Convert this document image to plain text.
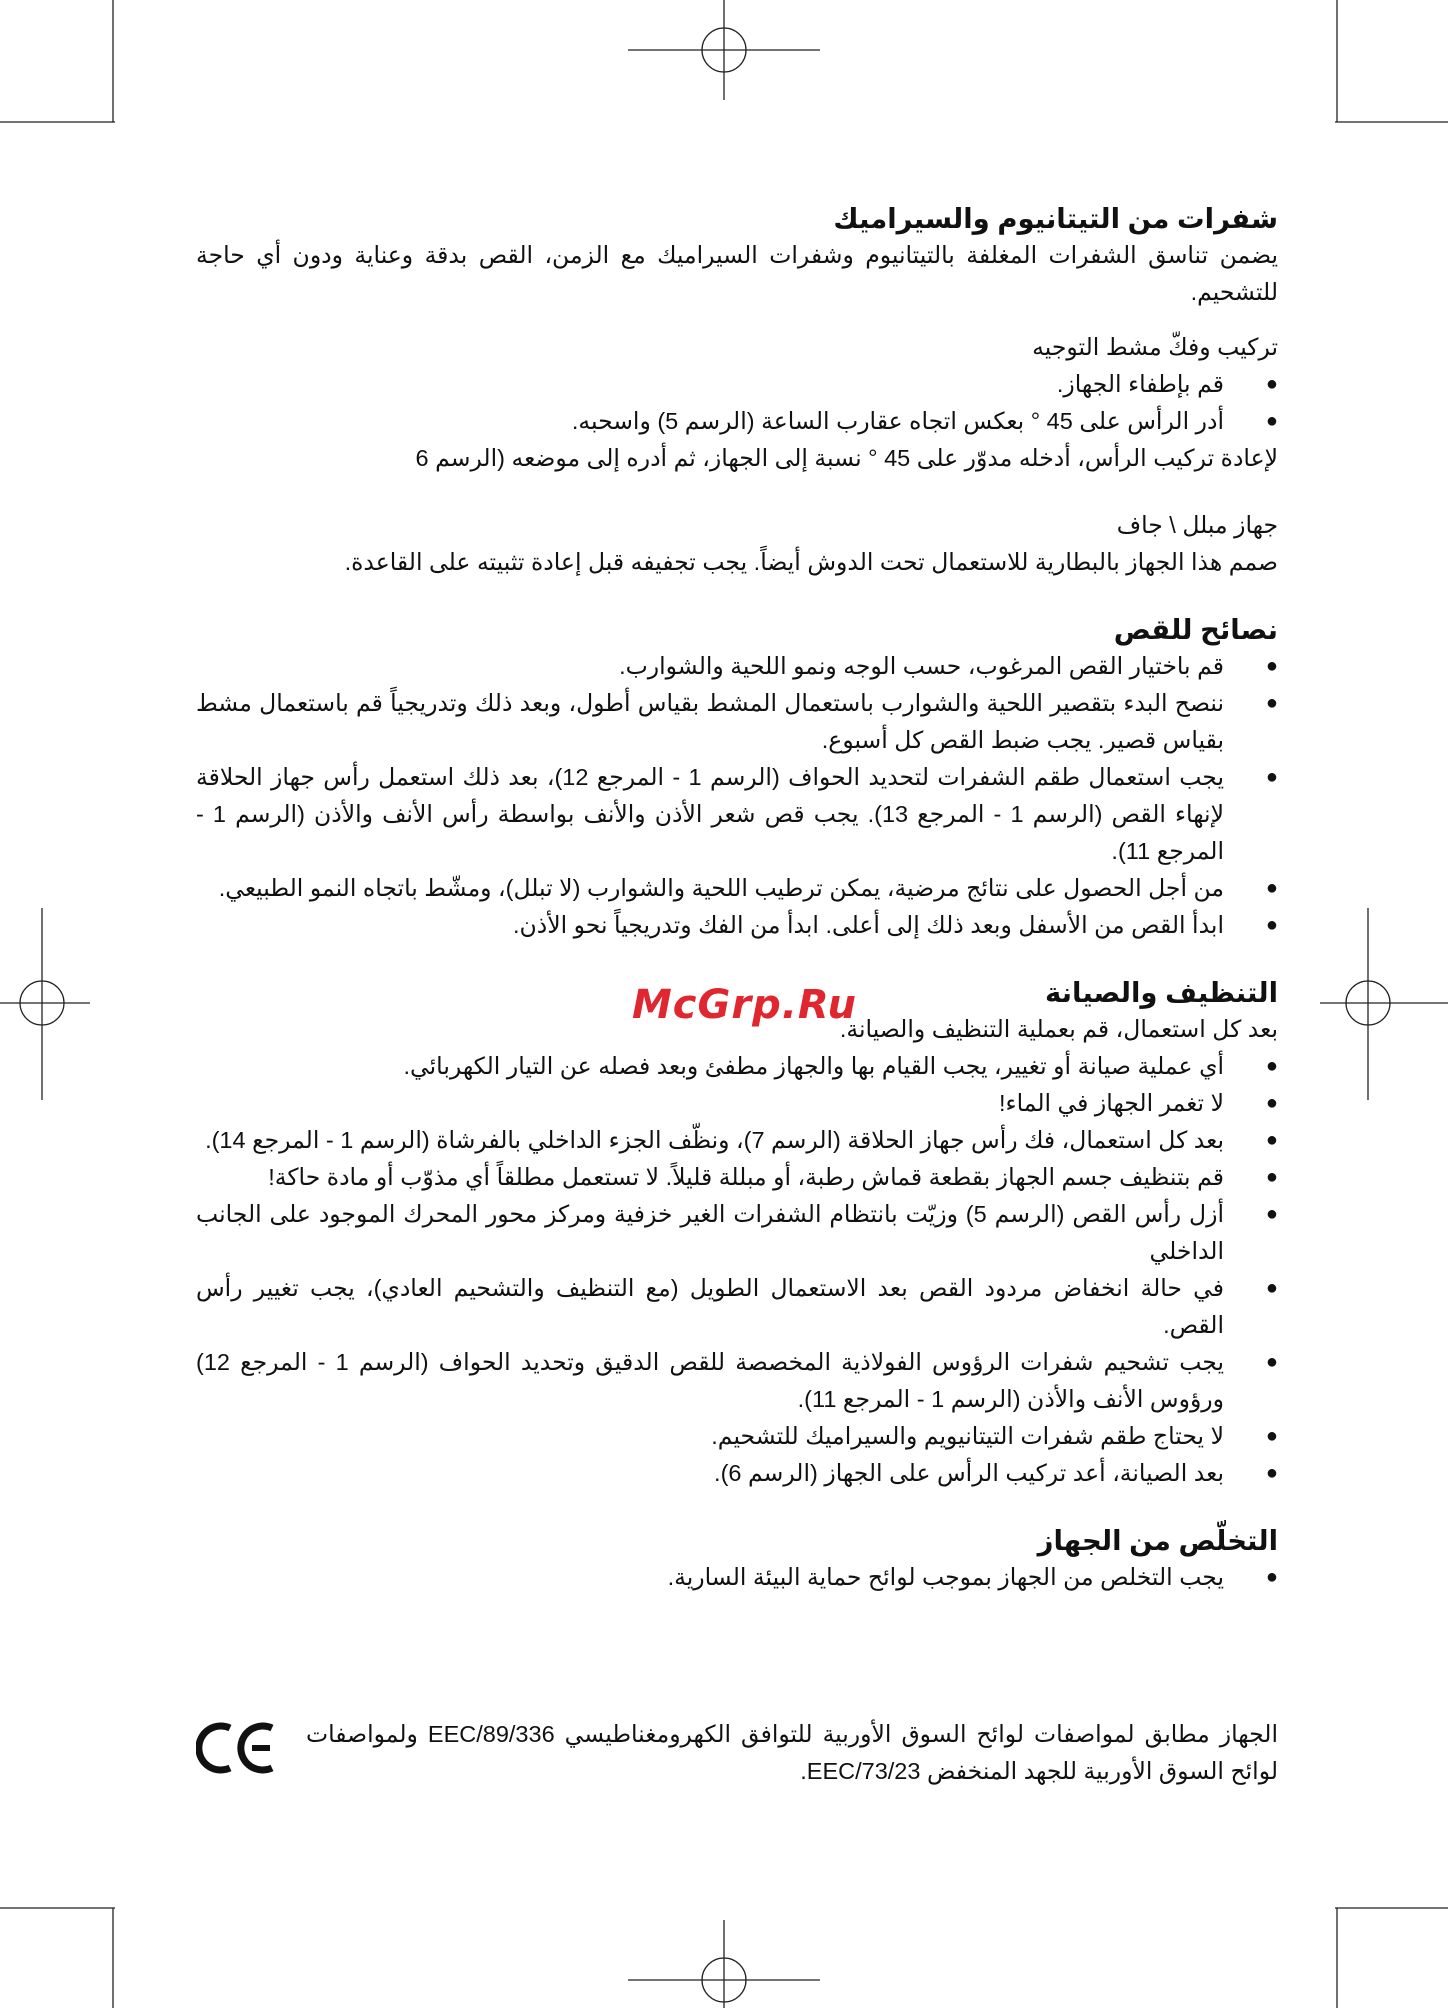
شفرات من التيتانيوم والسيراميك

يضمن تناسق الشفرات المغلفة بالتيتانيوم وشفرات السيراميك مع الزمن، القص بدقة وعناية ودون أي حاجة للتشحيم.

تركيب وفكّ مشط التوجيه

●
قم بإطفاء الجهاز.
●
أدر الرأس على 45 ° بعكس اتجاه عقارب الساعة (الرسم 5) واسحبه.

لإعادة تركيب الرأس، أدخله مدوّر على 45 ° نسبة إلى الجهاز، ثم أدره إلى موضعه (الرسم 6

جهاز مبلل \ جاف

صمم هذا الجهاز بالبطارية للاستعمال تحت الدوش أيضاً. يجب تجفيفه قبل إعادة تثبيته على القاعدة.

نصائح للقص
●
قم باختيار القص المرغوب، حسب الوجه ونمو اللحية والشوارب.
●
ننصح البدء بتقصير اللحية والشوارب باستعمال المشط بقياس أطول، وبعد ذلك وتدريجياً قم باستعمال مشط بقياس قصير. يجب ضبط القص كل أسبوع.
●
يجب استعمال طقم الشفرات لتحديد الحواف (الرسم 1 - المرجع 12)، بعد ذلك استعمل رأس جهاز الحلاقة لإنهاء القص (الرسم 1 - المرجع 13). يجب قص شعر الأذن والأنف بواسطة رأس الأنف والأذن (الرسم 1 - المرجع 11).
●
من أجل الحصول على نتائج مرضية، يمكن ترطيب اللحية والشوارب (لا تبلل)، ومشّط باتجاه النمو الطبيعي.
●
ابدأ القص من الأسفل وبعد ذلك إلى أعلى. ابدأ من الفك وتدريجياً نحو الأذن.
التنظيف والصيانة

بعد كل استعمال، قم بعملية التنظيف والصيانة.

●
أي عملية صيانة أو تغيير، يجب القيام بها والجهاز مطفئ وبعد فصله عن التيار الكهربائي.
●
لا تغمر الجهاز في الماء!
●
بعد كل استعمال، فك رأس جهاز الحلاقة (الرسم 7)، ونظّف الجزء الداخلي بالفرشاة (الرسم 1 - المرجع 14).
●
قم بتنظيف جسم الجهاز بقطعة قماش رطبة، أو مبللة قليلاً. لا تستعمل مطلقاً أي مذوّب أو مادة حاكة!
●
أزل رأس القص (الرسم 5) وزيّت بانتظام الشفرات الغير خزفية ومركز محور المحرك الموجود على الجانب الداخلي
●
في حالة انخفاض مردود القص بعد الاستعمال الطويل (مع التنظيف والتشحيم العادي)، يجب تغيير رأس القص.
●
يجب تشحيم شفرات الرؤوس الفولاذية المخصصة للقص الدقيق وتحديد الحواف (الرسم 1 - المرجع 12) ورؤوس الأنف والأذن (الرسم 1 - المرجع 11).
●
لا يحتاج طقم شفرات التيتانيويم والسيراميك للتشحيم.
●
بعد الصيانة، أعد تركيب الرأس على الجهاز (الرسم 6).
التخلّص من الجهاز
●
يجب التخلص من الجهاز بموجب لوائح حماية البيئة السارية.
McGrp.Ru

الجهاز مطابق لمواصفات لوائح السوق الأوربية للتوافق الكهرومغناطيسي 89/336/EEC ولمواصفات لوائح السوق الأوربية للجهد المنخفض 73/23/EEC.
